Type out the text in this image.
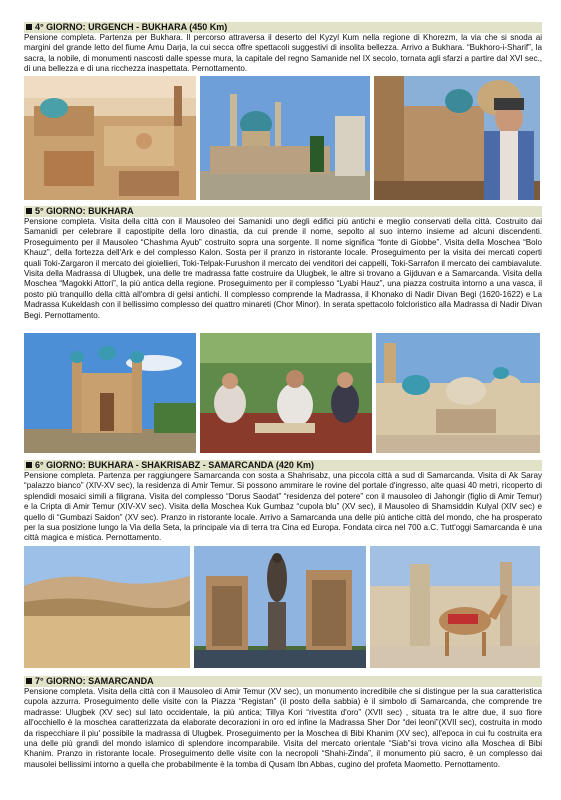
4° GIORNO: URGENCH - BUKHARA (450 Km)

Pensione completa. Partenza per Bukhara. Il percorso attraversa il deserto del Kyzyl Kum nella regione di Khorezm, la via che si snoda ai margini del grande letto del fiume Amu Darja, la cui secca offre spettacoli suggestivi di insolita bellezza. Arrivo a Bukhara. “Bukhoro-i-Sharif”, la sacra, la nobile, di monumenti nascosti dalle spesse mura, la capitale del regno Samanide nel IX secolo, tornata agli sfarzi a partire dal XVI sec., di una bellezza e di una ricchezza inaspettata. Pernottamento.

5° GIORNO: BUKHARA

Pensione completa. Visita della città con il Mausoleo dei Samanidi uno degli edifici più antichi e meglio conservati della città. Costruito dai Samanidi per celebrare il capostipite della loro dinastia, da cui prende il nome, sepolto al suo interno insieme ad alcuni discendenti. Proseguimento per il Mausoleo “Chashma Ayub” costruito sopra una sorgente. Il nome significa “fonte di Giobbe”. Visita della Moschea “Bolo Khauz”, della fortezza dell'Ark e del complesso Kalon. Sosta per il pranzo in ristorante locale. Proseguimento per la visita dei mercati coperti quali Toki-Zargaron il mercato dei gioiellieri, Toki-Telpak-Furushon il mercato dei venditori dei cappelli, Toki-Sarrafon il mercato dei cambiavalute. Visita della Madrassa di Ulugbek, una delle tre madrassa fatte costruire da Ulugbek, le altre si trovano a Gijduvan e a Samarcanda. Visita della Moschea “Magokki Attori”, la più antica della regione. Proseguimento per il complesso “Lyabi Hauz”, una piazza costruita intorno a una vasca, il posto più tranquillo della città all'ombra di gelsi antichi. Il complesso comprende la Madrassa, il Khonako di Nadir Divan Begi (1620-1622) e La Madrassa Kukeldash con il bellissimo complesso dei quattro minareti (Chor Minor). In serata spettacolo folcloristico alla Madrassa di Nadir Divan Begi. Pernottamento.

6° GIORNO: BUKHARA - SHAKRISABZ - SAMARCANDA (420 Km)

Pensione completa. Partenza per raggiungere Samarcanda con sosta a Shahrisabz, una piccola città a sud di Samarcanda. Visita di Ak Saray “palazzo bianco” (XIV-XV sec), la residenza di Amir Temur. Si possono ammirare le rovine del portale d'ingresso, alte quasi 40 metri, ricoperto di splendidi mosaici simili a filigrana. Visita del complesso “Dorus Saodat” “residenza del potere” con il mausoleo di Jahongir (figlio di Amir Temur) e la Cripta di Amir Temur (XIV-XV sec). Visita della Moschea Kuk Gumbaz “cupola blu” (XV sec), il Mausoleo di Shamsiddin Kulyal (XIV sec) e quello di “Gumbazi Saidon” (XV sec). Pranzo in ristorante locale. Arrivo a Samarcanda una delle più antiche città del mondo, che ha prosperato per la sua posizione lungo la Via della Seta, la principale via di terra tra Cina ed Europa. Fondata circa nel 700 a.C. Tutt'oggi Samarcanda è una città magica e mistica. Pernottamento.

7° GIORNO: SAMARCANDA

Pensione completa. Visita della città con il Mausoleo di Amir Temur (XV sec), un monumento incredibile che si distingue per la sua caratteristica cupola azzurra. Proseguimento delle visite con la Piazza “Registan” (il posto della sabbia) è il simbolo di Samarcanda, che comprende tre madrasse: Ulugbek (XV sec) sul lato occidentale, la più antica; Tillya Kori “rivestita d'oro” (XVII sec) , situata tra le altre due, il suo fiore all'occhiello è la moschea caratterizzata da elaborate decorazioni in oro ed infine la Madrassa Sher Dor “dei leoni”(XVII sec), costruita in modo da rispecchiare il piu' possibile la madrassa di Ulugbek. Proseguimento per la Moschea di Bibi Khanim (XV sec), all'epoca in cui fu costruita era una delle più grandi del mondo islamico di splendore incomparabile. Visita del mercato orientale “Siab”si trova vicino alla Moschea di Bibi Khanim. Pranzo in ristorante locale. Proseguimento delle visite con la necropoli “Shahi-Zinda”, il monumento più sacro, è un complesso dai mausolei bellissimi intorno a quella che probabilmente è la tomba di Qusam Ibn Abbas, cugino del profeta Maometto. Pernottamento.
